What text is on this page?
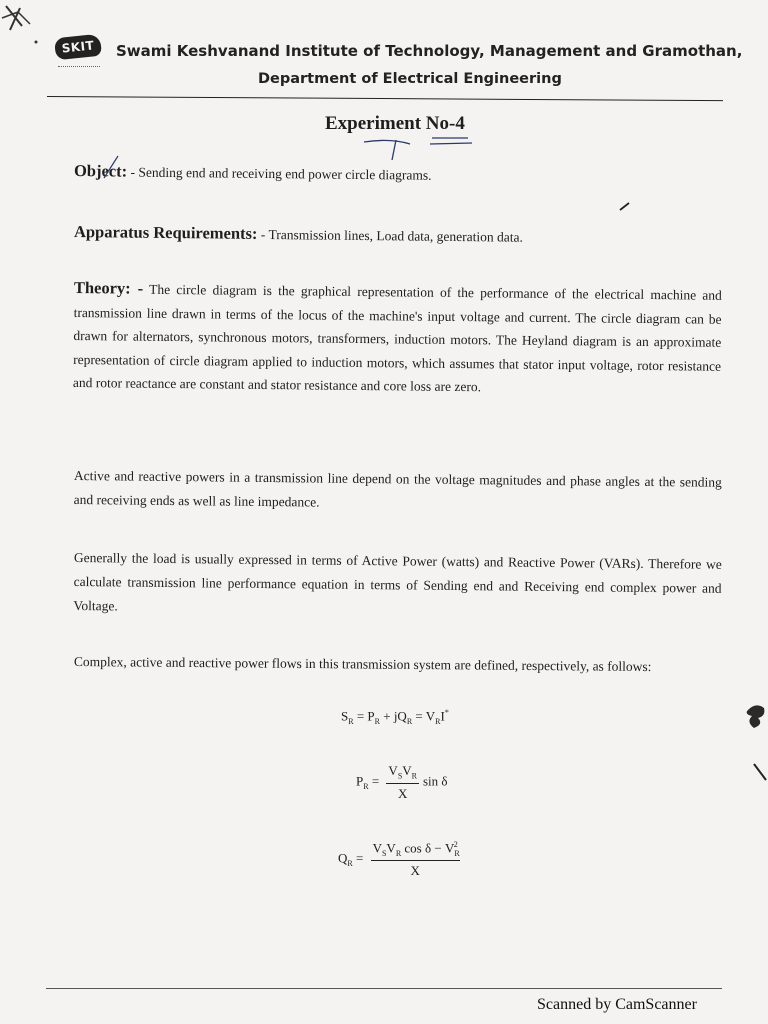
SKIT	Swami Keshvanand Institute of Technology, Management and Gramothan,
Department of Electrical Engineering
Experiment No-4
Object: - Sending end and receiving end power circle diagrams.
Apparatus Requirements: - Transmission lines, Load data, generation data.
Theory: - The circle diagram is the graphical representation of the performance of the electrical machine and transmission line drawn in terms of the locus of the machine's input voltage and current. The circle diagram can be drawn for alternators, synchronous motors, transformers, induction motors. The Heyland diagram is an approximate representation of circle diagram applied to induction motors, which assumes that stator input voltage, rotor resistance and rotor reactance are constant and stator resistance and core loss are zero.
Active and reactive powers in a transmission line depend on the voltage magnitudes and phase angles at the sending and receiving ends as well as line impedance.
Generally the load is usually expressed in terms of Active Power (watts) and Reactive Power (VARs). Therefore we calculate transmission line performance equation in terms of Sending end and Receiving end complex power and Voltage.
Complex, active and reactive power flows in this transmission system are defined, respectively, as follows:
$S_R = P_R + jQ_R = V_RI^*$
$P_R = \frac{V_SV_R}{X}$ sin δ
$Q_R = \frac{V_SV_R \cos \delta - V_R^2}{X}$
Scanned by CamScanner
